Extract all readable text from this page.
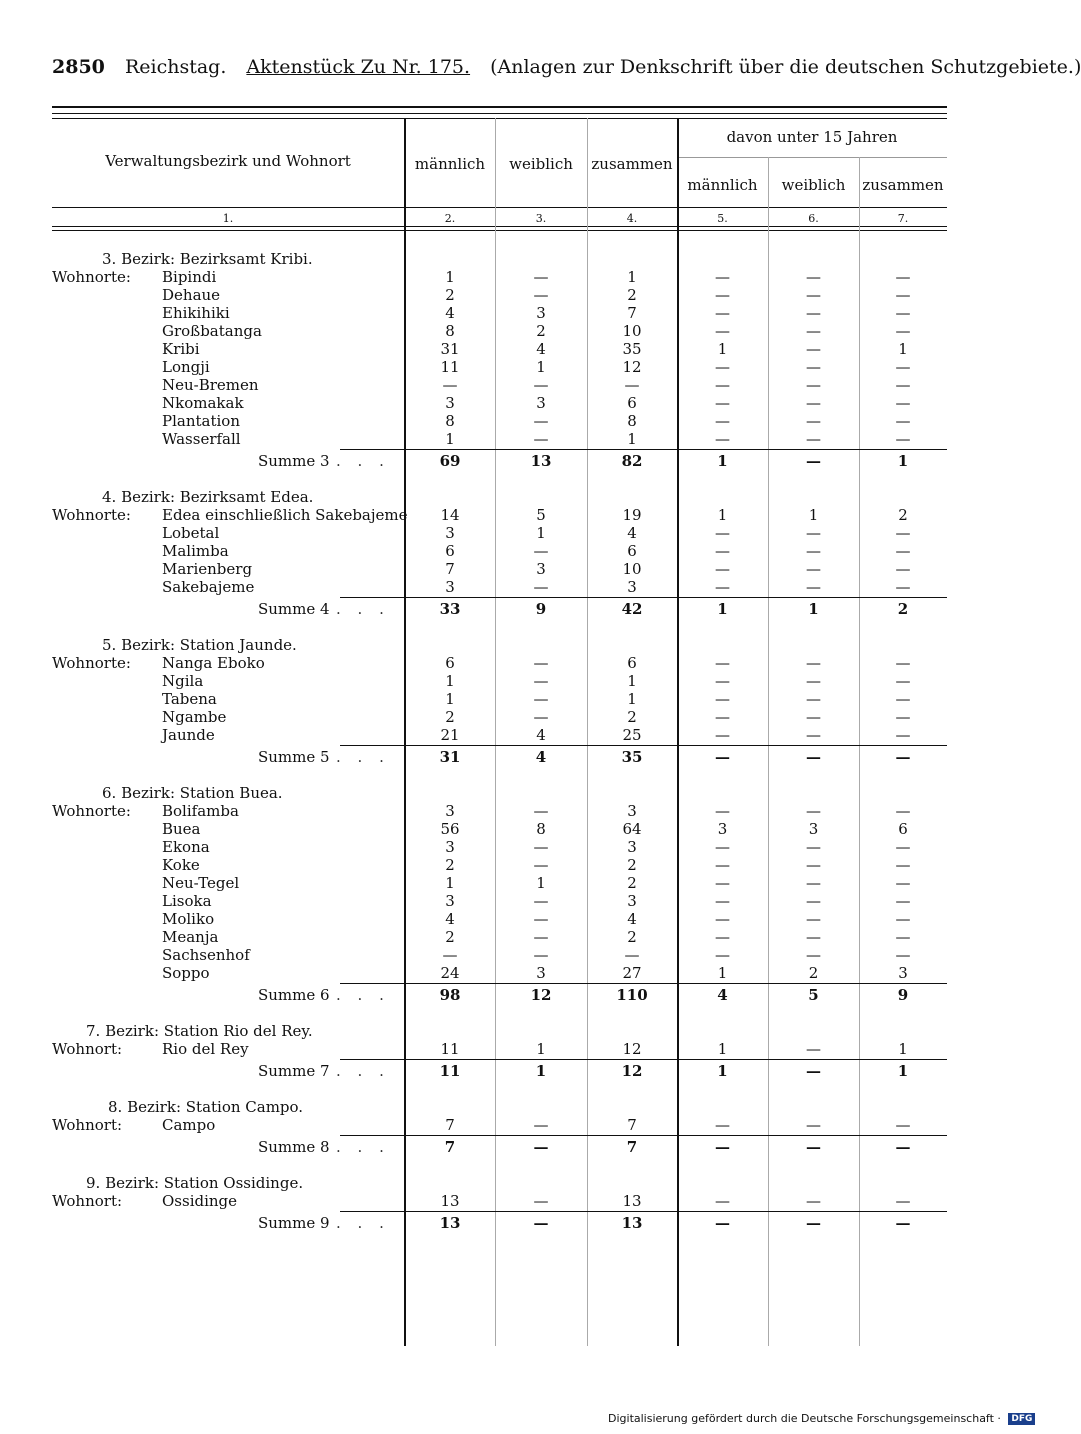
2850 Reichstag. Aktenstück Zu Nr. 175. (Anlagen zur Denkschrift über die deutschen Schutzgebiete.)
Verwaltungsbezirk und Wohnort	männlich	weiblich	zusammen
davon unter 15 Jahren
männlich	weiblich	zusammen
1.	2.	3.	4.	5.	6.	7.
3. Bezirk: Bezirksamt Kribi.
Wohnorte: Bipindi	1	—	1	—	—	—
Dehaue	2	—	2	—	—	—
Ehikihiki	4	3	7	—	—	—
Großbatanga	8	2	10	—	—	—
Kribi	31	4	35	1	—	1
Longji	11	1	12	—	—	—
Neu-Bremen	—	—	—	—	—	—
Nkomakak	3	3	6	—	—	—
Plantation	8	—	8	—	—	—
Wasserfall	1	—	1	—	—	—
Summe 3 . . .	69	13	82	1	—	1
4. Bezirk: Bezirksamt Edea.
Wohnorte: Edea einschließlich Sakebajeme	14	5	19	1	1	2
Lobetal	3	1	4	—	—	—
Malimba	6	—	6	—	—	—
Marienberg	7	3	10	—	—	—
Sakebajeme	3	—	3	—	—	—
Summe 4 . . .	33	9	42	1	1	2
5. Bezirk: Station Jaunde.
Wohnorte: Nanga Eboko	6	—	6	—	—	—
Ngila	1	—	1	—	—	—
Tabena	1	—	1	—	—	—
Ngambe	2	—	2	—	—	—
Jaunde	21	4	25	—	—	—
Summe 5 . . .	31	4	35	—	—	—
6. Bezirk: Station Buea.
Wohnorte: Bolifamba	3	—	3	—	—	—
Buea	56	8	64	3	3	6
Ekona	3	—	3	—	—	—
Koke	2	—	2	—	—	—
Neu-Tegel	1	1	2	—	—	—
Lisoka	3	—	3	—	—	—
Moliko	4	—	4	—	—	—
Meanja	2	—	2	—	—	—
Sachsenhof	—	—	—	—	—	—
Soppo	24	3	27	1	2	3
Summe 6 . . .	98	12	110	4	5	9
7. Bezirk: Station Rio del Rey.
Wohnort:	Rio del Rey	11	1	12	1	—	1
Summe 7 . . .	11	1	12	1	—	1
8. Bezirk: Station Campo.
Wohnort:	Campo	7	—	7	—	—	—
Summe 8 . . .	7	—	7	—	—	—
9. Bezirk: Station Ossidinge.
Wohnort:	Ossidinge	13	—	13	—	—	—
Summe 9 . . .	13	—	13	—	—	—
Digitalisierung gefördert durch die Deutsche Forschungsgemeinschaft · DFG
